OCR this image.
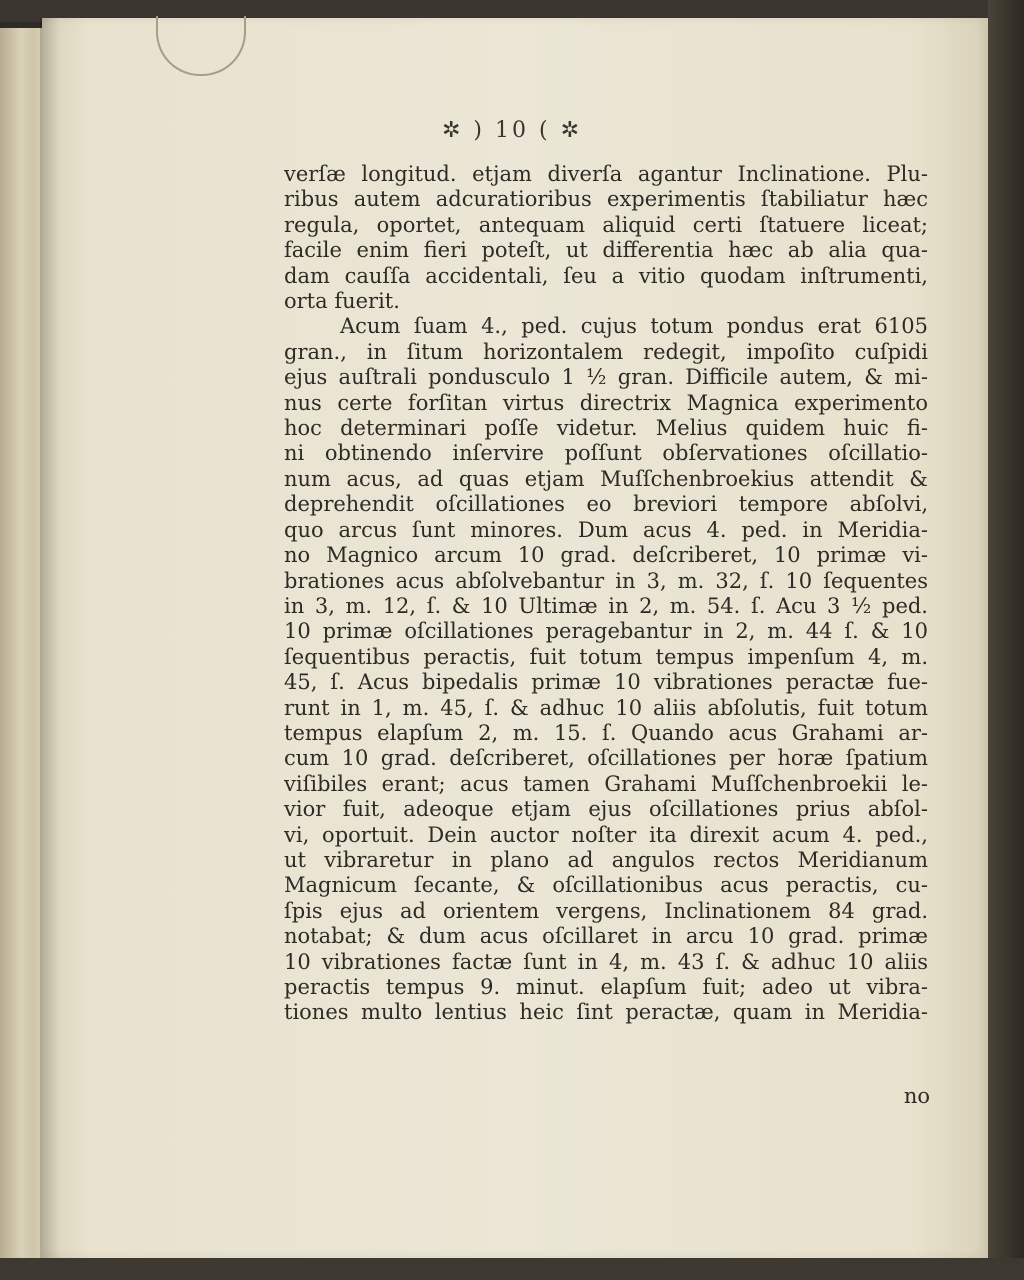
✲ ) 10 ( ✲
verſæ longitud. etjam diverſa agantur Inclinatione. Plu-
ribus autem adcuratioribus experimentis ſtabiliatur hæc
regula, oportet, antequam aliquid certi ſtatuere liceat;
facile enim fieri poteſt, ut differentia hæc ab alia qua-
dam cauſſa accidentali, ſeu a vitio quodam inſtrumenti,
orta fuerit.
Acum ſuam 4., ped. cujus totum pondus erat 6105
gran., in ſitum horizontalem redegit, impoſito cuſpidi
ejus auſtrali pondusculo 1 ½ gran. Difficile autem, & mi-
nus certe forſitan virtus directrix Magnica experimento
hoc determinari poſſe videtur. Melius quidem huic fi-
ni obtinendo inſervire poſſunt obſervationes oſcillatio-
num acus, ad quas etjam Muſſchenbroekius attendit &
deprehendit oſcillationes eo breviori tempore abſolvi,
quo arcus ſunt minores. Dum acus 4. ped. in Meridia-
no Magnico arcum 10 grad. deſcriberet, 10 primæ vi-
brationes acus abſolvebantur in 3, m. 32, ſ. 10 ſequentes
in 3, m. 12, ſ. & 10 Ultimæ in 2, m. 54. ſ. Acu 3 ½ ped.
10 primæ oſcillationes peragebantur in 2, m. 44 ſ. & 10
ſequentibus peractis, fuit totum tempus impenſum 4, m.
45, ſ. Acus bipedalis primæ 10 vibrationes peractæ fue-
runt in 1, m. 45, ſ. & adhuc 10 aliis abſolutis, fuit totum
tempus elapſum 2, m. 15. ſ. Quando acus Grahami ar-
cum 10 grad. deſcriberet, oſcillationes per horæ ſpatium
viſibiles erant; acus tamen Grahami Muſſchenbroekii le-
vior fuit, adeoque etjam ejus oſcillationes prius abſol-
vi, oportuit. Dein auctor noſter ita direxit acum 4. ped.,
ut vibraretur in plano ad angulos rectos Meridianum
Magnicum ſecante, & oſcillationibus acus peractis, cu-
ſpis ejus ad orientem vergens, Inclinationem 84 grad.
notabat; & dum acus oſcillaret in arcu 10 grad. primæ
10 vibrationes factæ ſunt in 4, m. 43 ſ. & adhuc 10 aliis
peractis tempus 9. minut. elapſum fuit; adeo ut vibra-
tiones multo lentius heic ſint peractæ, quam in Meridia-
no
